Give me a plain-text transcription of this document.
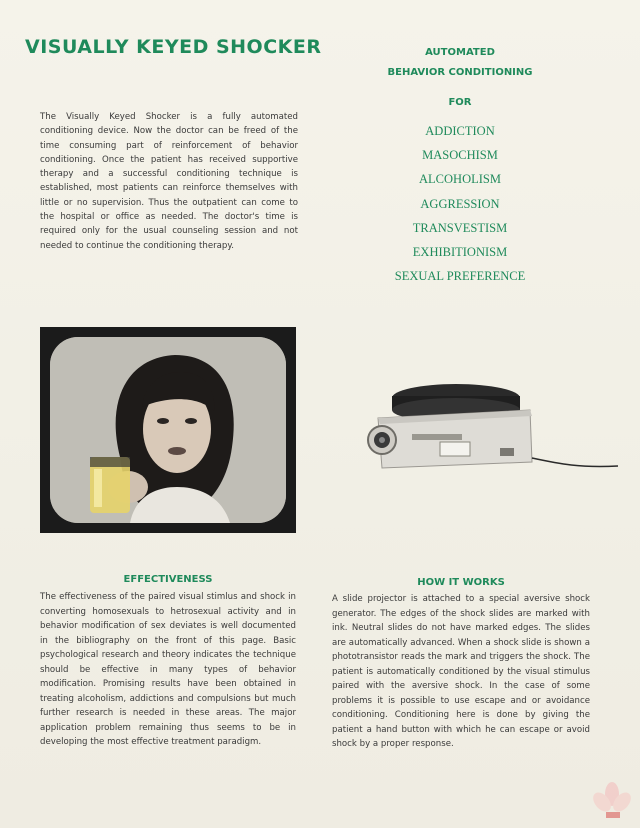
VISUALLY KEYED SHOCKER

The Visually Keyed Shocker is a fully automated conditioning device. Now the doctor can be freed of the time consuming part of reinforcement of behavior conditioning. Once the patient has received supportive therapy and a successful conditioning technique is established, most patients can reinforce themselves with little or no supervision. Thus the outpatient can come to the hospital or office as needed. The doctor's time is required only for the usual counseling session and not needed to continue the conditioning therapy.

AUTOMATED
BEHAVIOR CONDITIONING
FOR
ADDICTION
MASOCHISM
ALCOHOLISM
AGGRESSION
TRANSVESTISM
EXHIBITIONISM
SEXUAL PREFERENCE
EFFECTIVENESS

The effectiveness of the paired visual stimlus and shock in converting homosexuals to hetrosexual activity and in behavior modification of sex deviates is well documented in the bibliography on the front of this page. Basic psychological research and theory indicates the technique should be effective in many types of behavior modification. Promising results have been obtained in treating alcoholism, addictions and compulsions but much further research is needed in these areas. The major application problem remaining thus seems to be in developing the most effective treatment paradigm.

HOW IT WORKS

A slide projector is attached to a special aversive shock generator. The edges of the shock slides are marked with ink. Neutral slides do not have marked edges. The slides are automatically advanced. When a shock slide is shown a phototransistor reads the mark and triggers the shock. The patient is automatically conditioned by the visual stimulus paired with the aversive shock. In the case of some problems it is possible to use escape and or avoidance conditioning. Conditioning here is done by giving the patient a hand button with which he can escape or avoid shock by a proper response.
